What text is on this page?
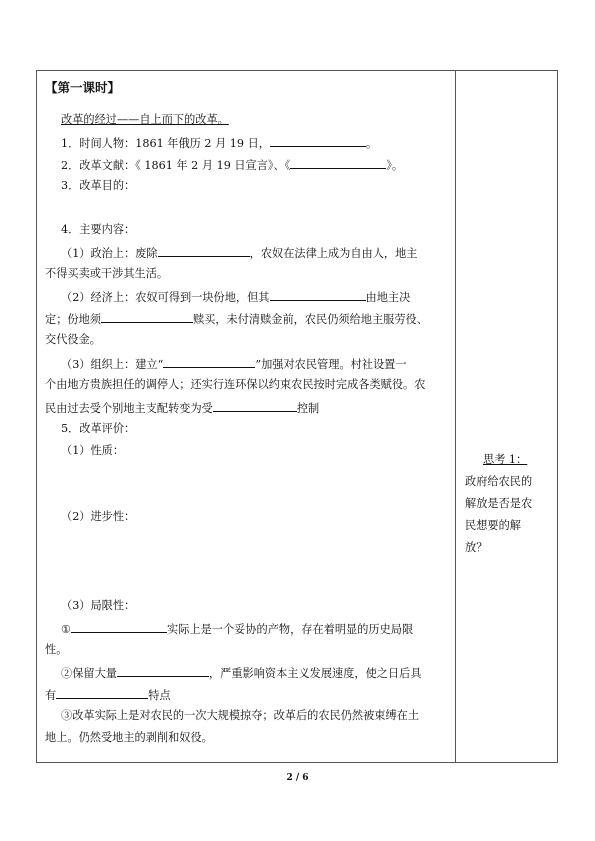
【第一课时】
改革的经过——自上而下的改革。
1．时间人物：1861 年俄历 2 月 19 日，	。
2．改革文献：《 1861 年 2 月 19 日宣言》、《	》。
3．改革目的：
4．主要内容：
（1）政治上：废除	，农奴在法律上成为自由人，地主
不得买卖或干涉其生活。
（2）经济上：农奴可得到一块份地，但其	由地主决
定；份地须	赎买，未付清赎金前，农民仍须给地主服劳役、
交代役金。
（3）组织上：建立“	”加强对农民管理。村社设置一
个由地方贵族担任的调停人；还实行连环保以约束农民按时完成各类赋役。农
民由过去受个别地主支配转变为受	控制
5．改革评价：
（1）性质：
（2）进步性：
（3）局限性：
①	实际上是一个妥协的产物，存在着明显的历史局限
性。
②保留大量	，严重影响资本主义发展速度，使之日后具
有	特点
③改革实际上是对农民的一次大规模掠夺；改革后的农民仍然被束缚在土
地上。仍然受地主的剥削和奴役。
思考 1：
政府给农民的
解放是否是农
民想要的解
放？
2 / 6
